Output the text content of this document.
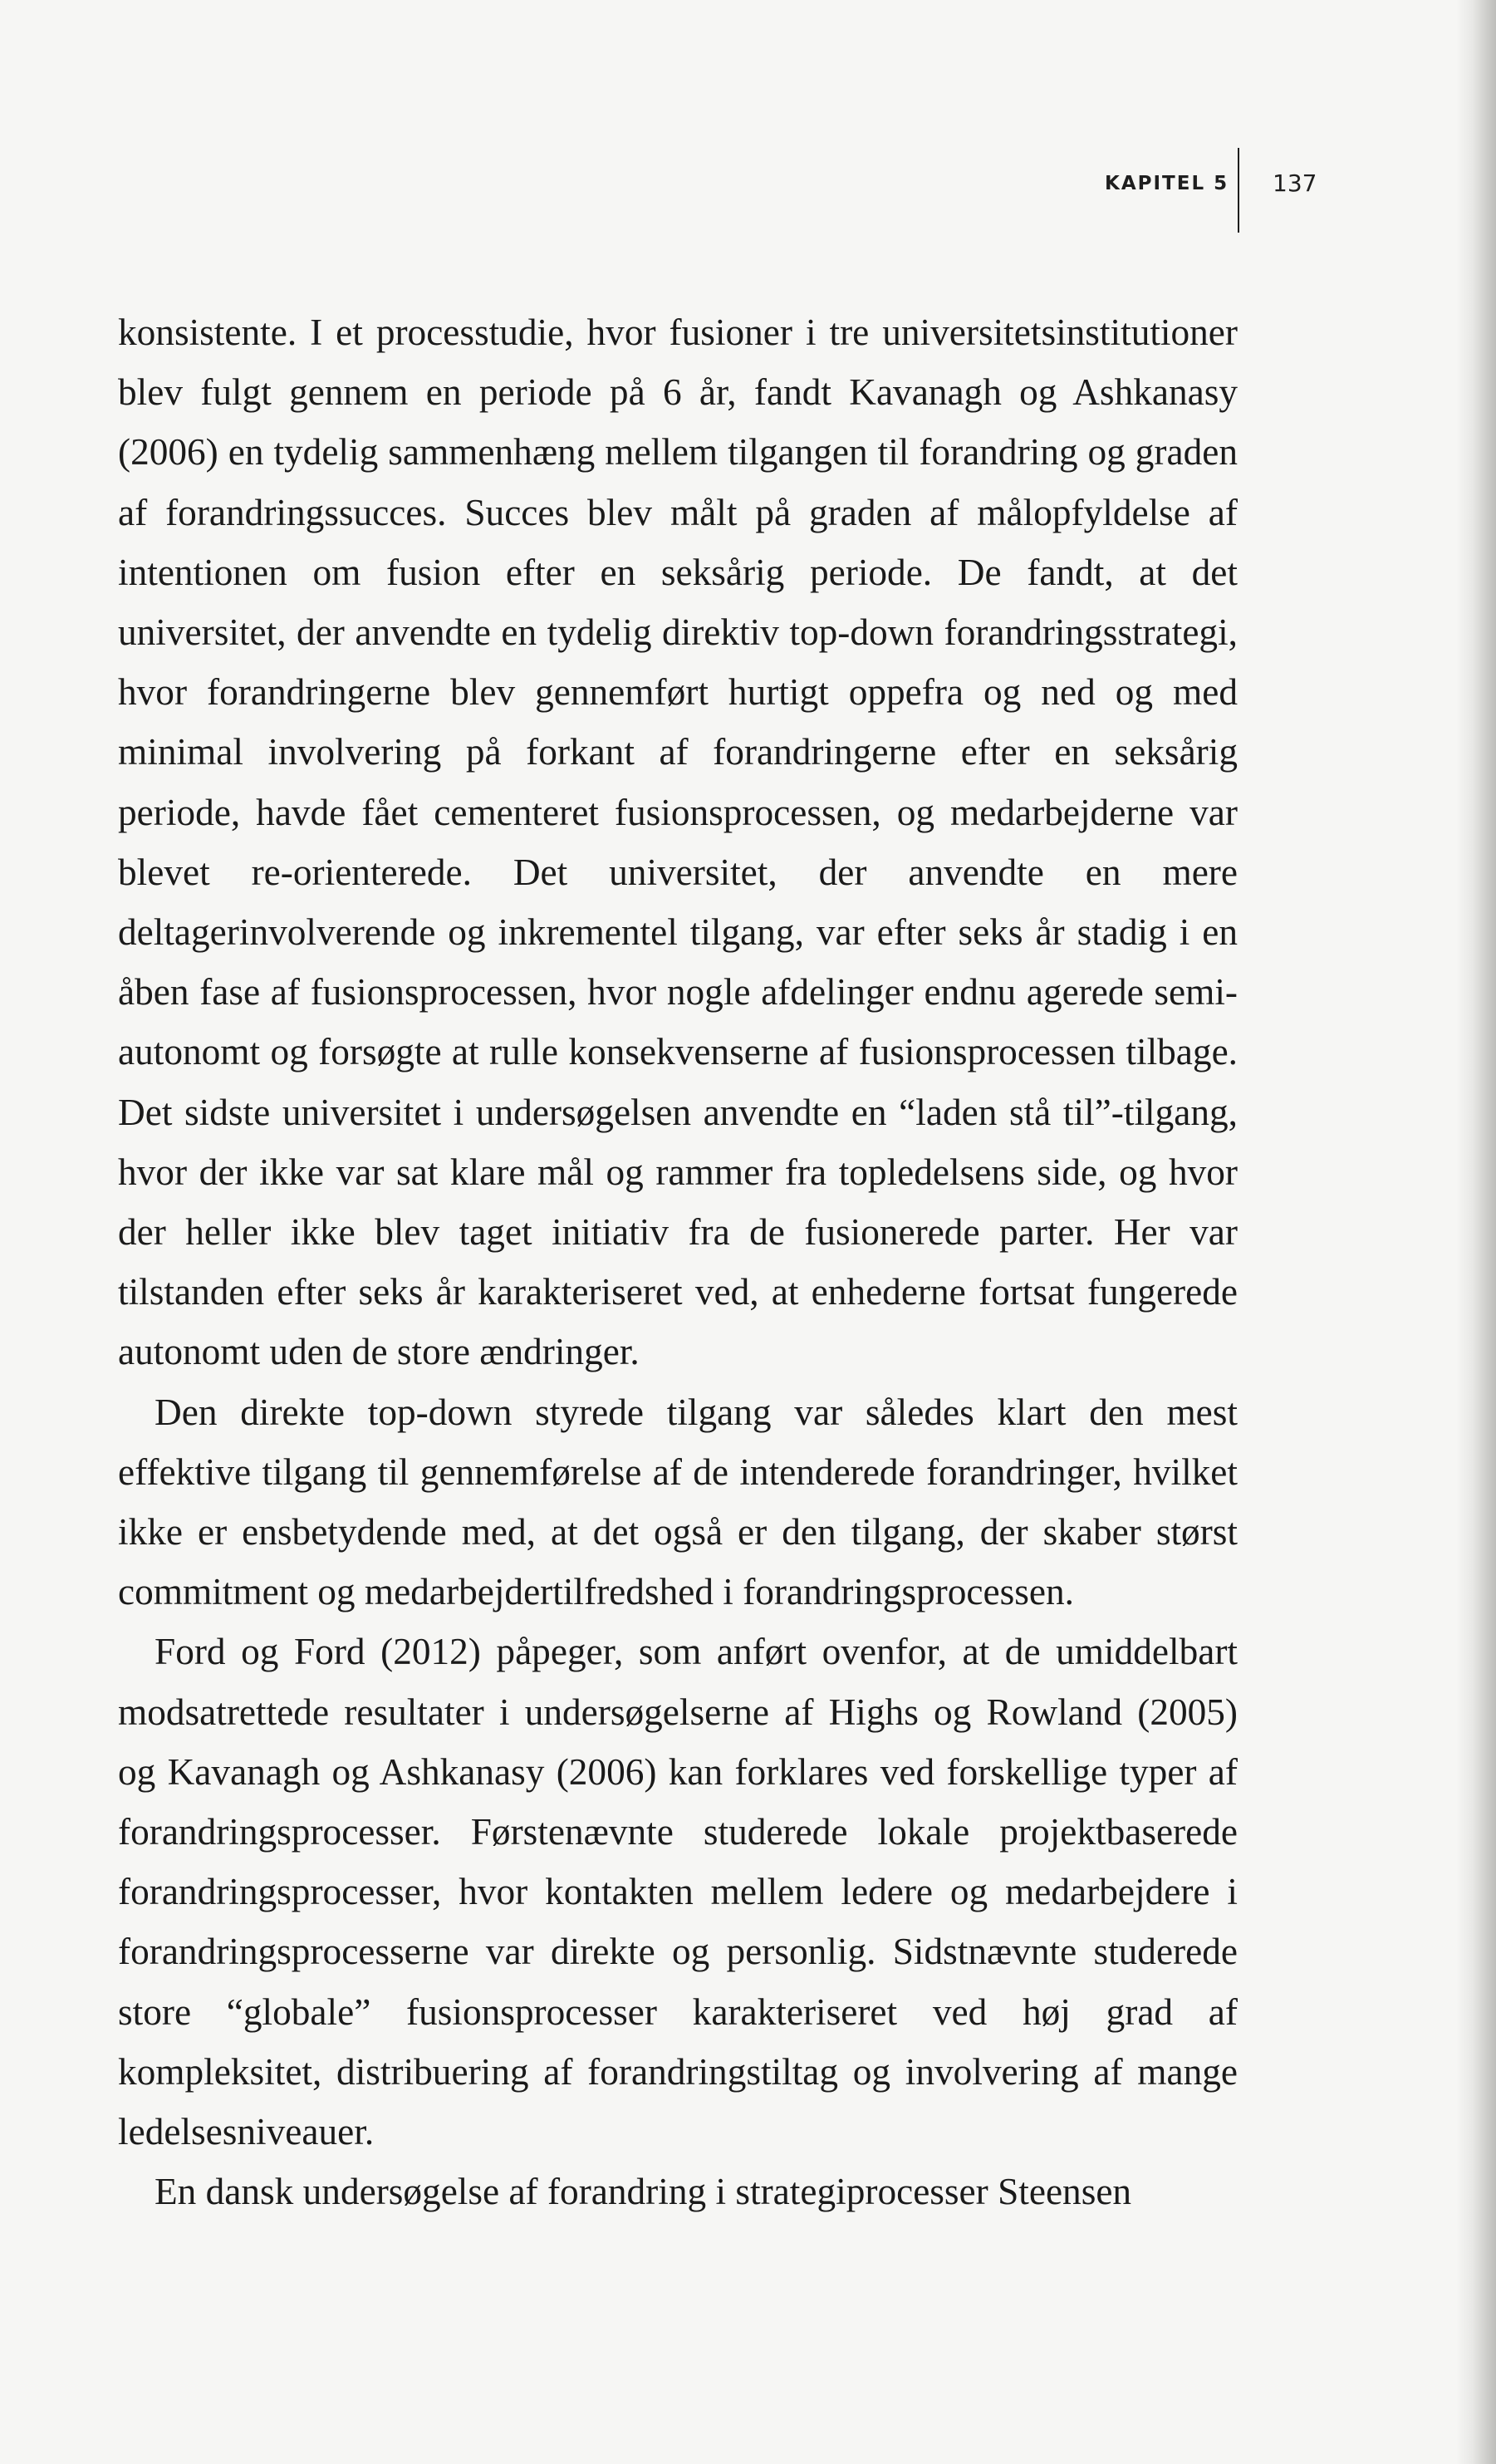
KAPITEL 5 137

konsistente. I et processtudie, hvor fusioner i tre universitetsinstitutioner blev fulgt gennem en periode på 6 år, fandt Kavanagh og Ashkanasy (2006) en tydelig sammenhæng mellem tilgangen til forandring og graden af forandringssucces. Succes blev målt på graden af målopfyldelse af intentionen om fusion efter en seksårig periode. De fandt, at det universitet, der anvendte en tydelig direktiv top-down forandringsstrategi, hvor forandringerne blev gennemført hurtigt oppefra og ned og med minimal involvering på forkant af forandringerne efter en seksårig periode, havde fået cementeret fusionsprocessen, og medarbejderne var blevet re-orienterede. Det universitet, der anvendte en mere deltagerinvolverende og inkrementel tilgang, var efter seks år stadig i en åben fase af fusionsprocessen, hvor nogle afdelinger endnu agerede semi-autonomt og forsøgte at rulle konsekvenserne af fusionsprocessen tilbage. Det sidste universitet i undersøgelsen anvendte en “laden stå til”-tilgang, hvor der ikke var sat klare mål og rammer fra topledelsens side, og hvor der heller ikke blev taget initiativ fra de fusionerede parter. Her var tilstanden efter seks år karakteriseret ved, at enhederne fortsat fungerede autonomt uden de store ændringer.

Den direkte top-down styrede tilgang var således klart den mest effektive tilgang til gennemførelse af de intenderede forandringer, hvilket ikke er ensbetydende med, at det også er den tilgang, der skaber størst commitment og medarbejdertilfredshed i forandringsprocessen.

Ford og Ford (2012) påpeger, som anført ovenfor, at de umiddelbart modsatrettede resultater i undersøgelserne af Highs og Rowland (2005) og Kavanagh og Ashkanasy (2006) kan forklares ved forskellige typer af forandringsprocesser. Førstenævnte studerede lokale projektbaserede forandringsprocesser, hvor kontakten mellem ledere og medarbejdere i forandringsprocesserne var direkte og personlig. Sidstnævnte studerede store “globale” fusionsprocesser karakteriseret ved høj grad af kompleksitet, distribuering af forandringstiltag og involvering af mange ledelsesniveauer.

En dansk undersøgelse af forandring i strategiprocesser Steensen
